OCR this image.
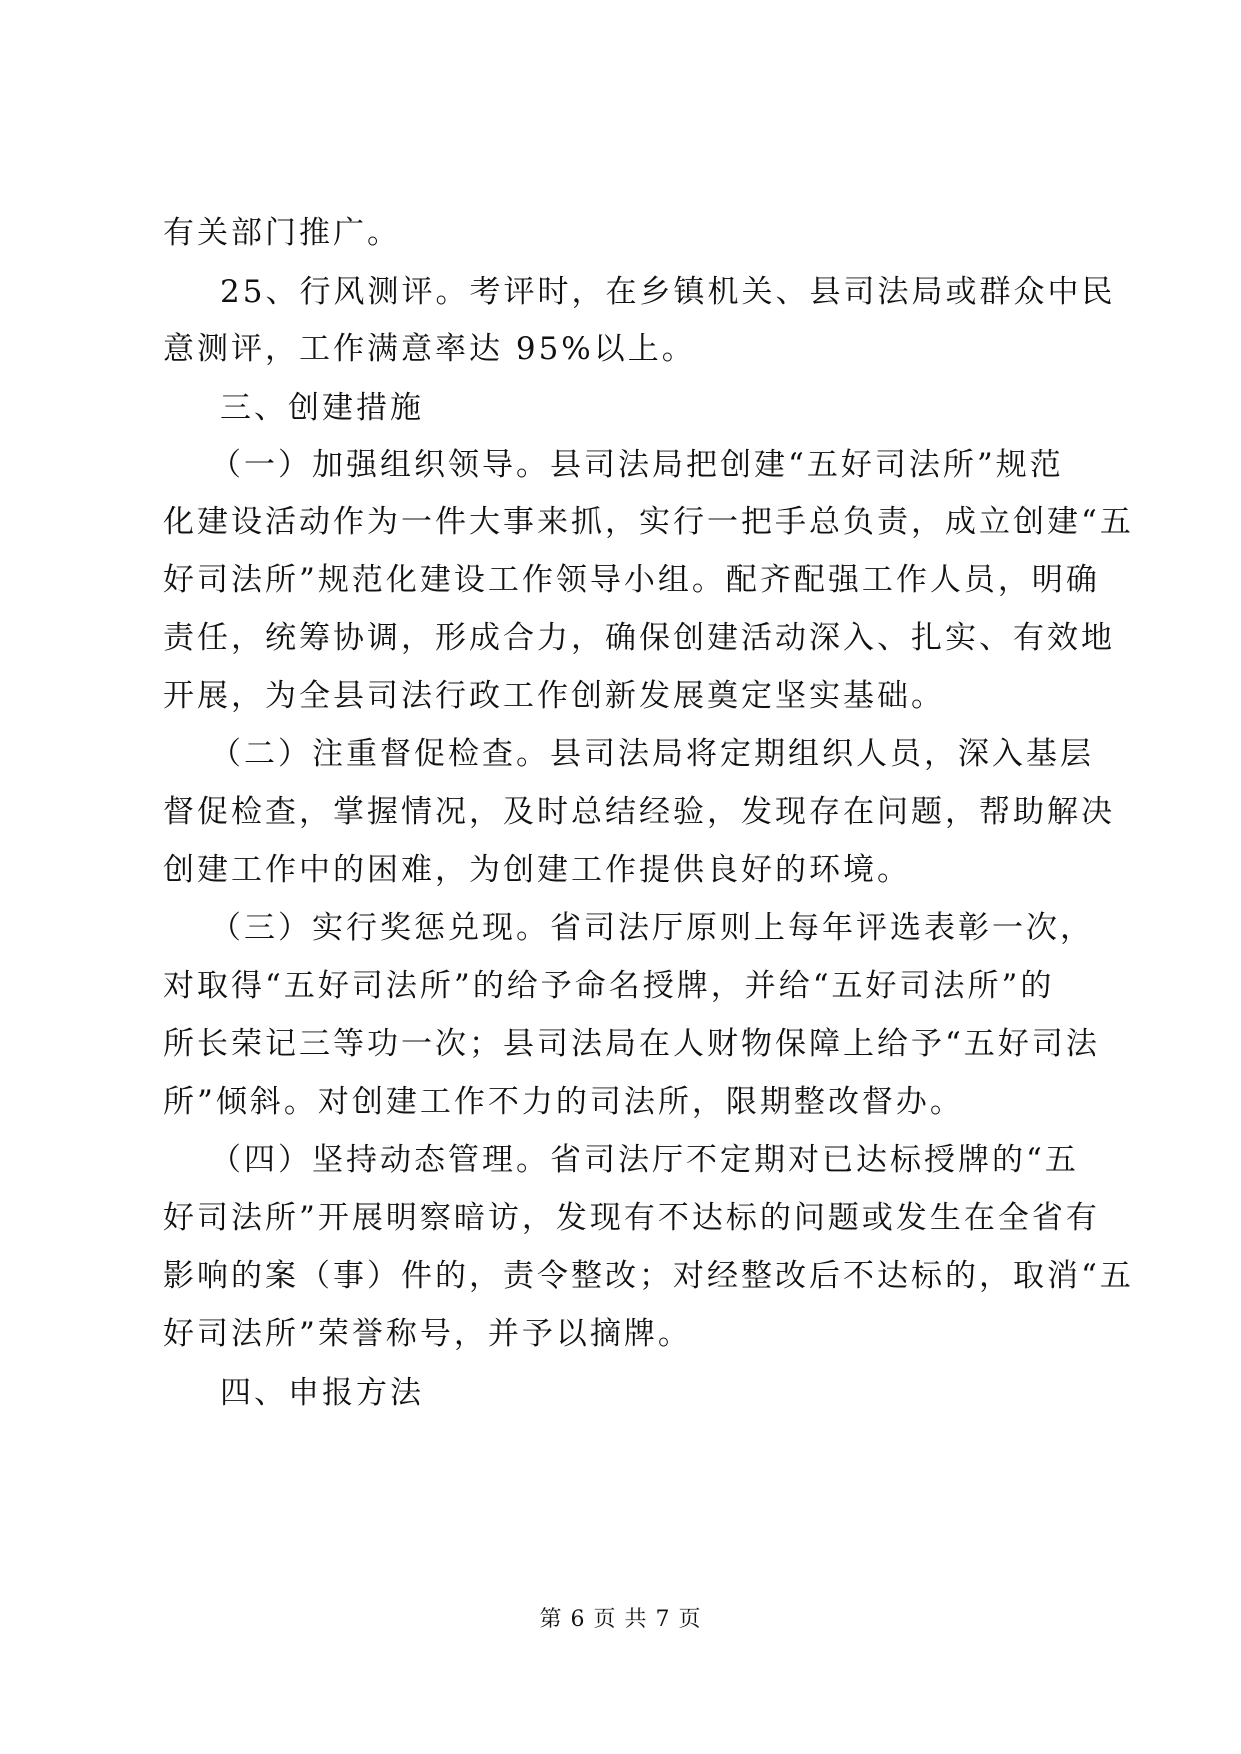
有关部门推广。
25、行风测评。考评时，在乡镇机关、县司法局或群众中民
意测评，工作满意率达 95%以上。
三、创建措施
（一）加强组织领导。县司法局把创建“五好司法所”规范
化建设活动作为一件大事来抓，实行一把手总负责，成立创建“五
好司法所”规范化建设工作领导小组。配齐配强工作人员，明确
责任，统筹协调，形成合力，确保创建活动深入、扎实、有效地
开展，为全县司法行政工作创新发展奠定坚实基础。
（二）注重督促检查。县司法局将定期组织人员，深入基层
督促检查，掌握情况，及时总结经验，发现存在问题，帮助解决
创建工作中的困难，为创建工作提供良好的环境。
（三）实行奖惩兑现。省司法厅原则上每年评选表彰一次，
对取得“五好司法所”的给予命名授牌，并给“五好司法所”的
所长荣记三等功一次；县司法局在人财物保障上给予“五好司法
所”倾斜。对创建工作不力的司法所，限期整改督办。
（四）坚持动态管理。省司法厅不定期对已达标授牌的“五
好司法所”开展明察暗访，发现有不达标的问题或发生在全省有
影响的案（事）件的，责令整改；对经整改后不达标的，取消“五
好司法所”荣誉称号，并予以摘牌。
四、申报方法
第 6 页 共 7 页
